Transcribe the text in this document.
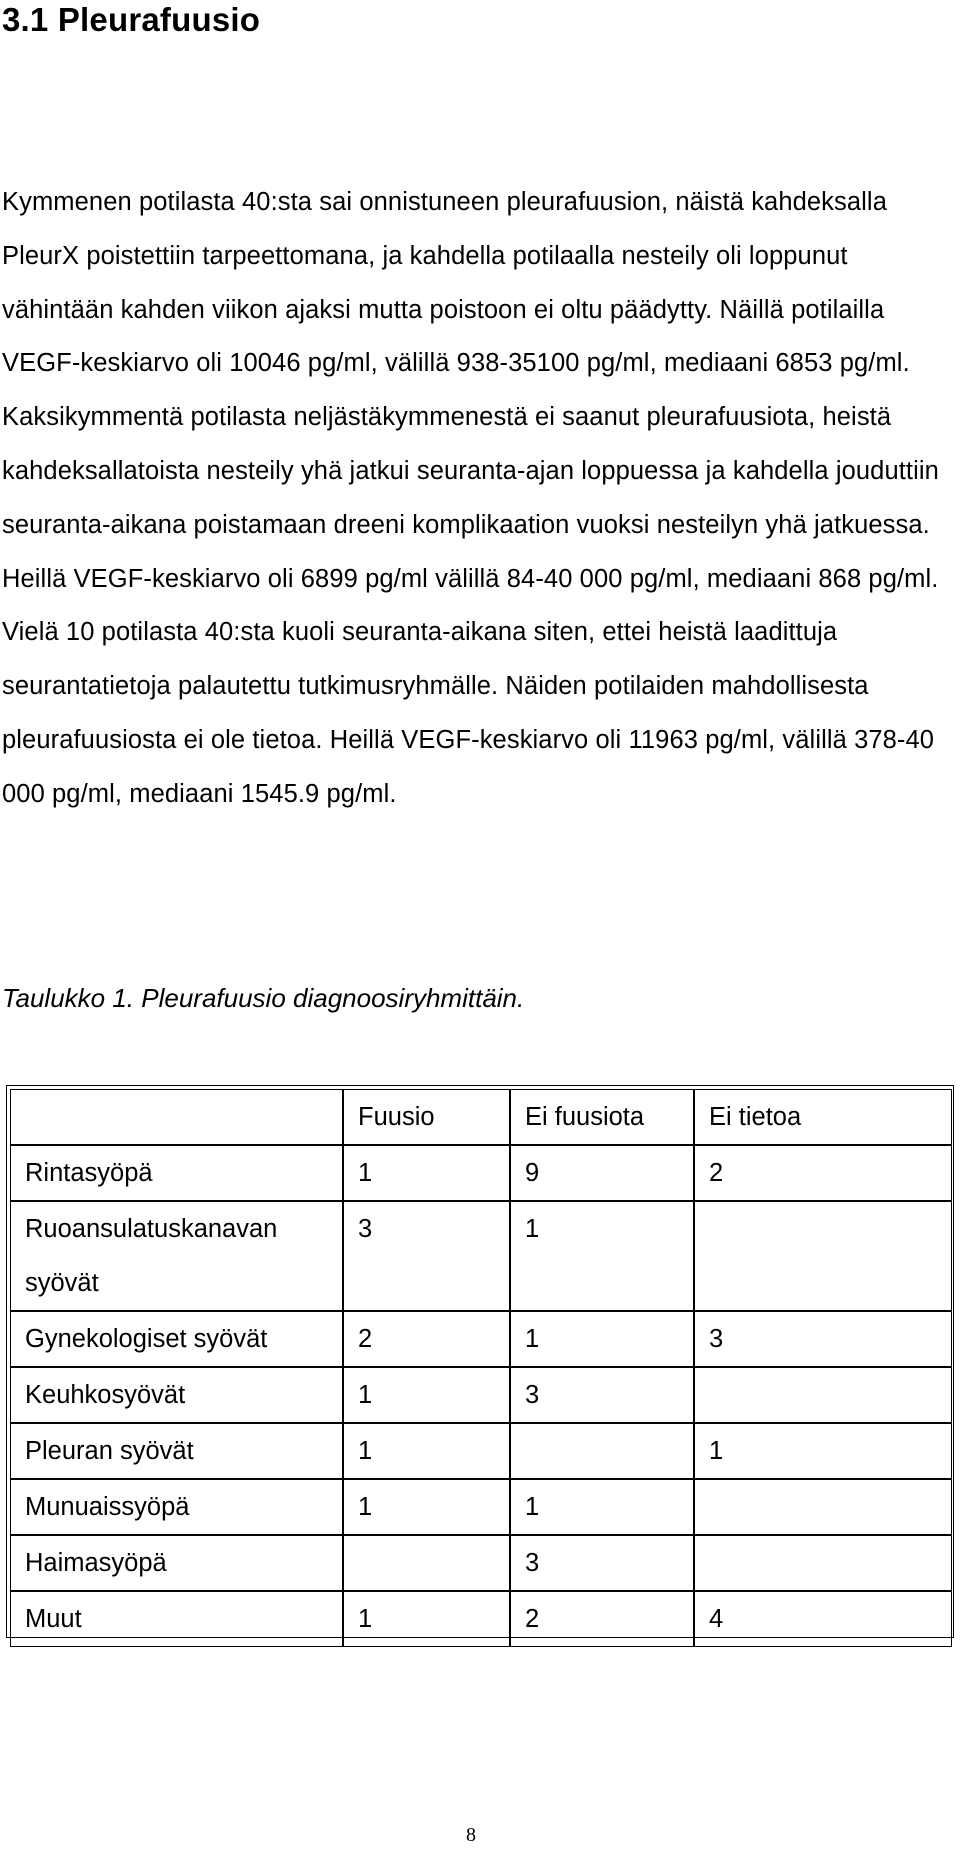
3.1 Pleurafuusio

Kymmenen potilasta 40:sta sai onnistuneen pleurafuusion, näistä kahdeksalla PleurX poistettiin tarpeettomana, ja kahdella potilaalla nesteily oli loppunut vähintään kahden viikon ajaksi mutta poistoon ei oltu päädytty. Näillä potilailla VEGF-keskiarvo oli 10046 pg/ml, välillä 938-35100 pg/ml, mediaani 6853 pg/ml. Kaksikymmentä potilasta neljästäkymmenestä ei saanut pleurafuusiota, heistä kahdeksallatoista nesteily yhä jatkui seuranta-ajan loppuessa ja kahdella jouduttiin seuranta-aikana poistamaan dreeni komplikaation vuoksi nesteilyn yhä jatkuessa. Heillä VEGF-keskiarvo oli 6899 pg/ml välillä 84-40 000 pg/ml, mediaani 868 pg/ml. Vielä 10 potilasta 40:sta kuoli seuranta-aikana siten, ettei heistä laadittuja seurantatietoja palautettu tutkimusryhmälle. Näiden potilaiden mahdollisesta pleurafuusiosta ei ole tietoa. Heillä VEGF-keskiarvo oli 11963 pg/ml, välillä 378-40 000 pg/ml, mediaani 1545.9 pg/ml.

Taulukko 1. Pleurafuusio diagnoosiryhmittäin.

	Fuusio	Ei fuusiota	Ei tietoa
Rintasyöpä	1	9	2
Ruoansulatuskanavan syövät	3	1	
Gynekologiset syövät	2	1	3
Keuhkosyövät	1	3	
Pleuran syövät	1		1
Munuaissyöpä	1	1	
Haimasyöpä		3	
Muut	1	2	4
8
